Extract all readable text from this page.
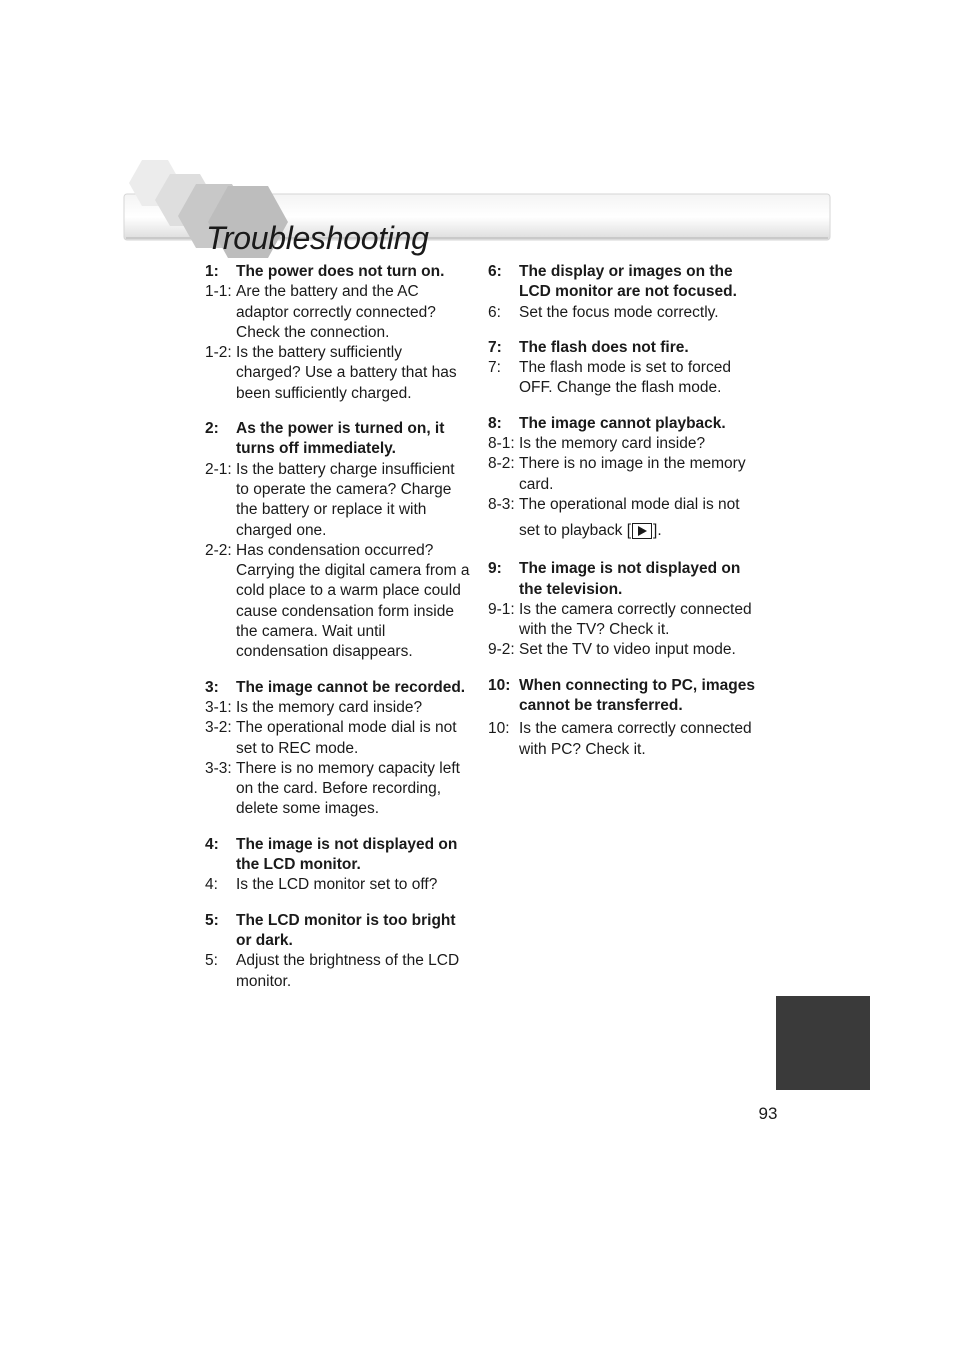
Troubleshooting
1:	The power does not turn on.
1-1: Are the battery and the AC adaptor correctly connected? Check the connection.
1-2: Is the battery sufficiently charged? Use a battery that has been sufficiently charged.
2:	As the power is turned on, it turns off immediately.
2-1: Is the battery charge insufficient to operate the camera? Charge the battery or replace it with charged one.
2-2: Has condensation occurred? Carrying the digital camera from a cold place to a warm place could cause condensation form inside the camera. Wait until condensation disappears.
3:	The image cannot be recorded.
3-1: Is the memory card inside?
3-2: The operational mode dial is not set to REC mode.
3-3: There is no memory capacity left on the card. Before recording, delete some images.
4:	The image is not displayed on the LCD monitor.
4:	Is the LCD monitor set to off?
5:	The LCD monitor is too bright or dark.
5:	Adjust the brightness of the LCD monitor.
6:	The display or images on the LCD monitor are not focused.
6:	Set the focus mode correctly.
7:	The flash does not fire.
7:	The flash mode is set to forced OFF. Change the flash mode.
8:	The image cannot playback.
8-1: Is the memory card inside?
8-2: There is no image in the memory card.
8-3: The operational mode dial is not
set to playback [ ].
9:	The image is not displayed on the television.
9-1: Is the camera correctly connected with the TV? Check it.
9-2: Set the TV to video input mode.
10: When connecting to PC, images cannot be transferred.
10: Is the camera correctly connected with PC? Check it.
93
